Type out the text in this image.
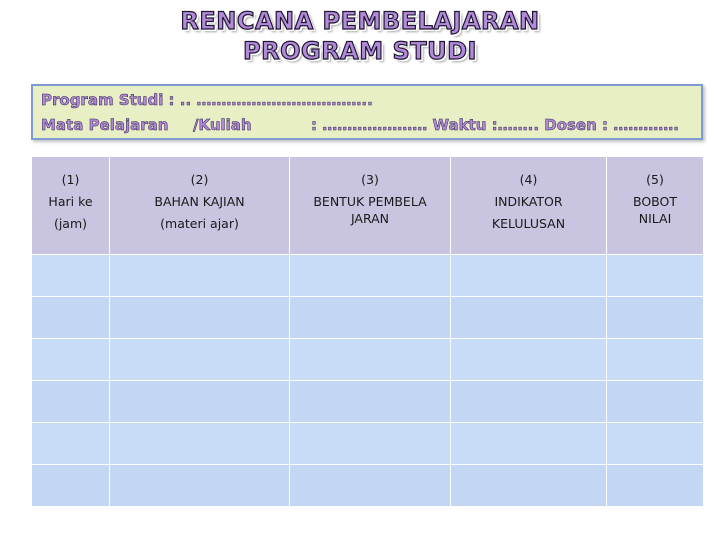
RENCANA PEMBELAJARAN
PROGRAM STUDI
Program Studi : .. ……………………………..
Mata Pelajaran /Kuliah	: ………………… Waktu :…….. Dosen : ………….
(1)
Hari ke
(jam)	(2)
BAHAN KAJIAN
(materi ajar)	(3)
BENTUK PEMBELA
JARAN	(4)
INDIKATOR
KELULUSAN	(5)
BOBOT
NILAI
